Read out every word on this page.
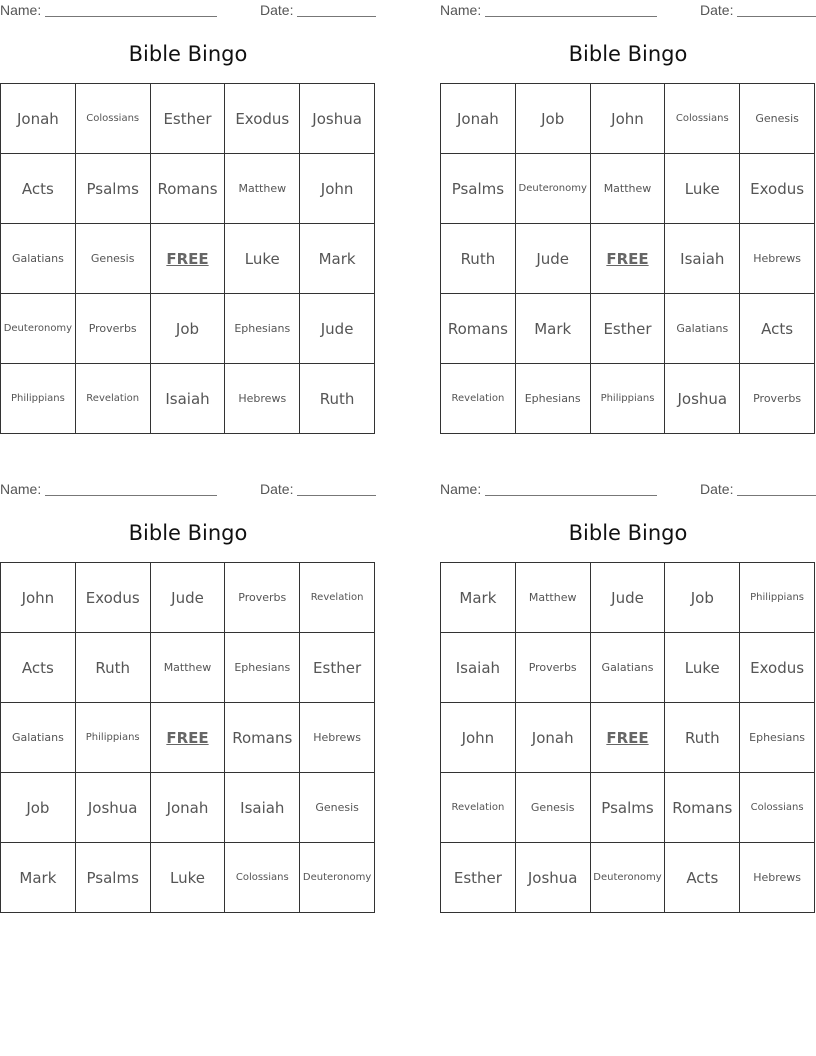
Name:	Date:
Bible Bingo
Jonah	Colossians	Esther	Exodus	Joshua
Acts	Psalms	Romans	Matthew	John
Galatians	Genesis	FREE	Luke	Mark
Deuteronomy	Proverbs	Job	Ephesians	Jude
Philippians	Revelation	Isaiah	Hebrews	Ruth
Name:	Date:
Bible Bingo
Jonah	Job	John	Colossians	Genesis
Psalms	Deuteronomy	Matthew	Luke	Exodus
Ruth	Jude	FREE	Isaiah	Hebrews
Romans	Mark	Esther	Galatians	Acts
Revelation	Ephesians	Philippians	Joshua	Proverbs
Name:	Date:
Bible Bingo
John	Exodus	Jude	Proverbs	Revelation
Acts	Ruth	Matthew	Ephesians	Esther
Galatians	Philippians	FREE	Romans	Hebrews
Job	Joshua	Jonah	Isaiah	Genesis
Mark	Psalms	Luke	Colossians	Deuteronomy
Name:	Date:
Bible Bingo
Mark	Matthew	Jude	Job	Philippians
Isaiah	Proverbs	Galatians	Luke	Exodus
John	Jonah	FREE	Ruth	Ephesians
Revelation	Genesis	Psalms	Romans	Colossians
Esther	Joshua	Deuteronomy	Acts	Hebrews
